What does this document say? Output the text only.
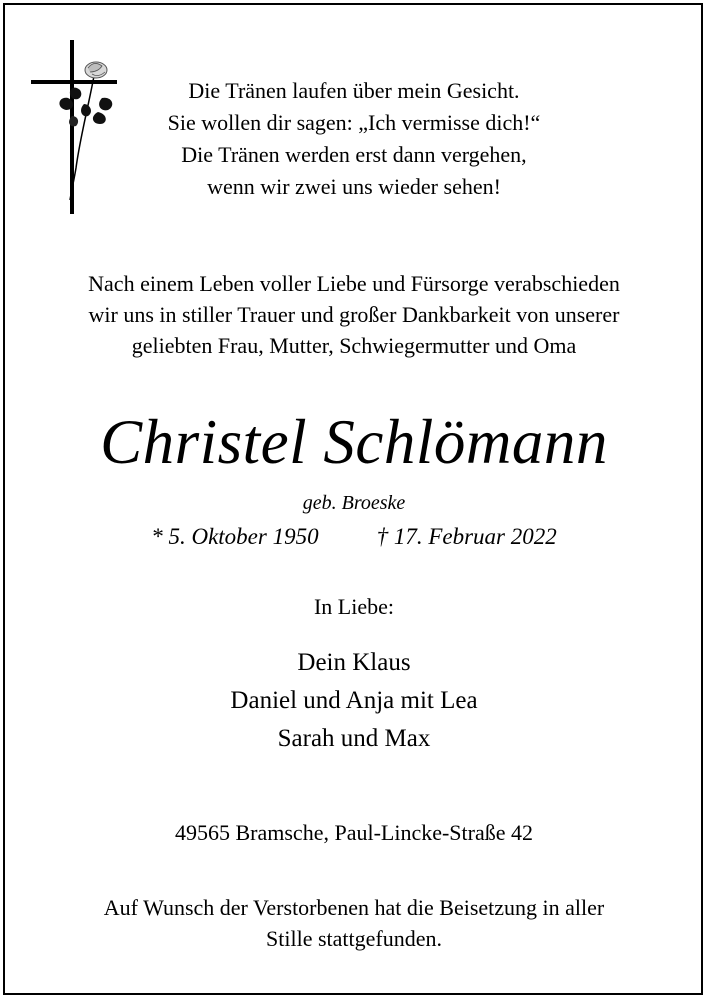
Die Tränen laufen über mein Gesicht.
Sie wollen dir sagen: „Ich vermisse dich!“
Die Tränen werden erst dann vergehen,
wenn wir zwei uns wieder sehen!
Nach einem Leben voller Liebe und Fürsorge verabschieden
wir uns in stiller Trauer und großer Dankbarkeit von unserer
geliebten Frau, Mutter, Schwiegermutter und Oma
Christel Schlömann
geb. Broeske
* 5. Oktober 1950	† 17. Februar 2022
In Liebe:
Dein Klaus
Daniel und Anja mit Lea
Sarah und Max
49565 Bramsche, Paul-Lincke-Straße 42
Auf Wunsch der Verstorbenen hat die Beisetzung in aller
Stille stattgefunden.
